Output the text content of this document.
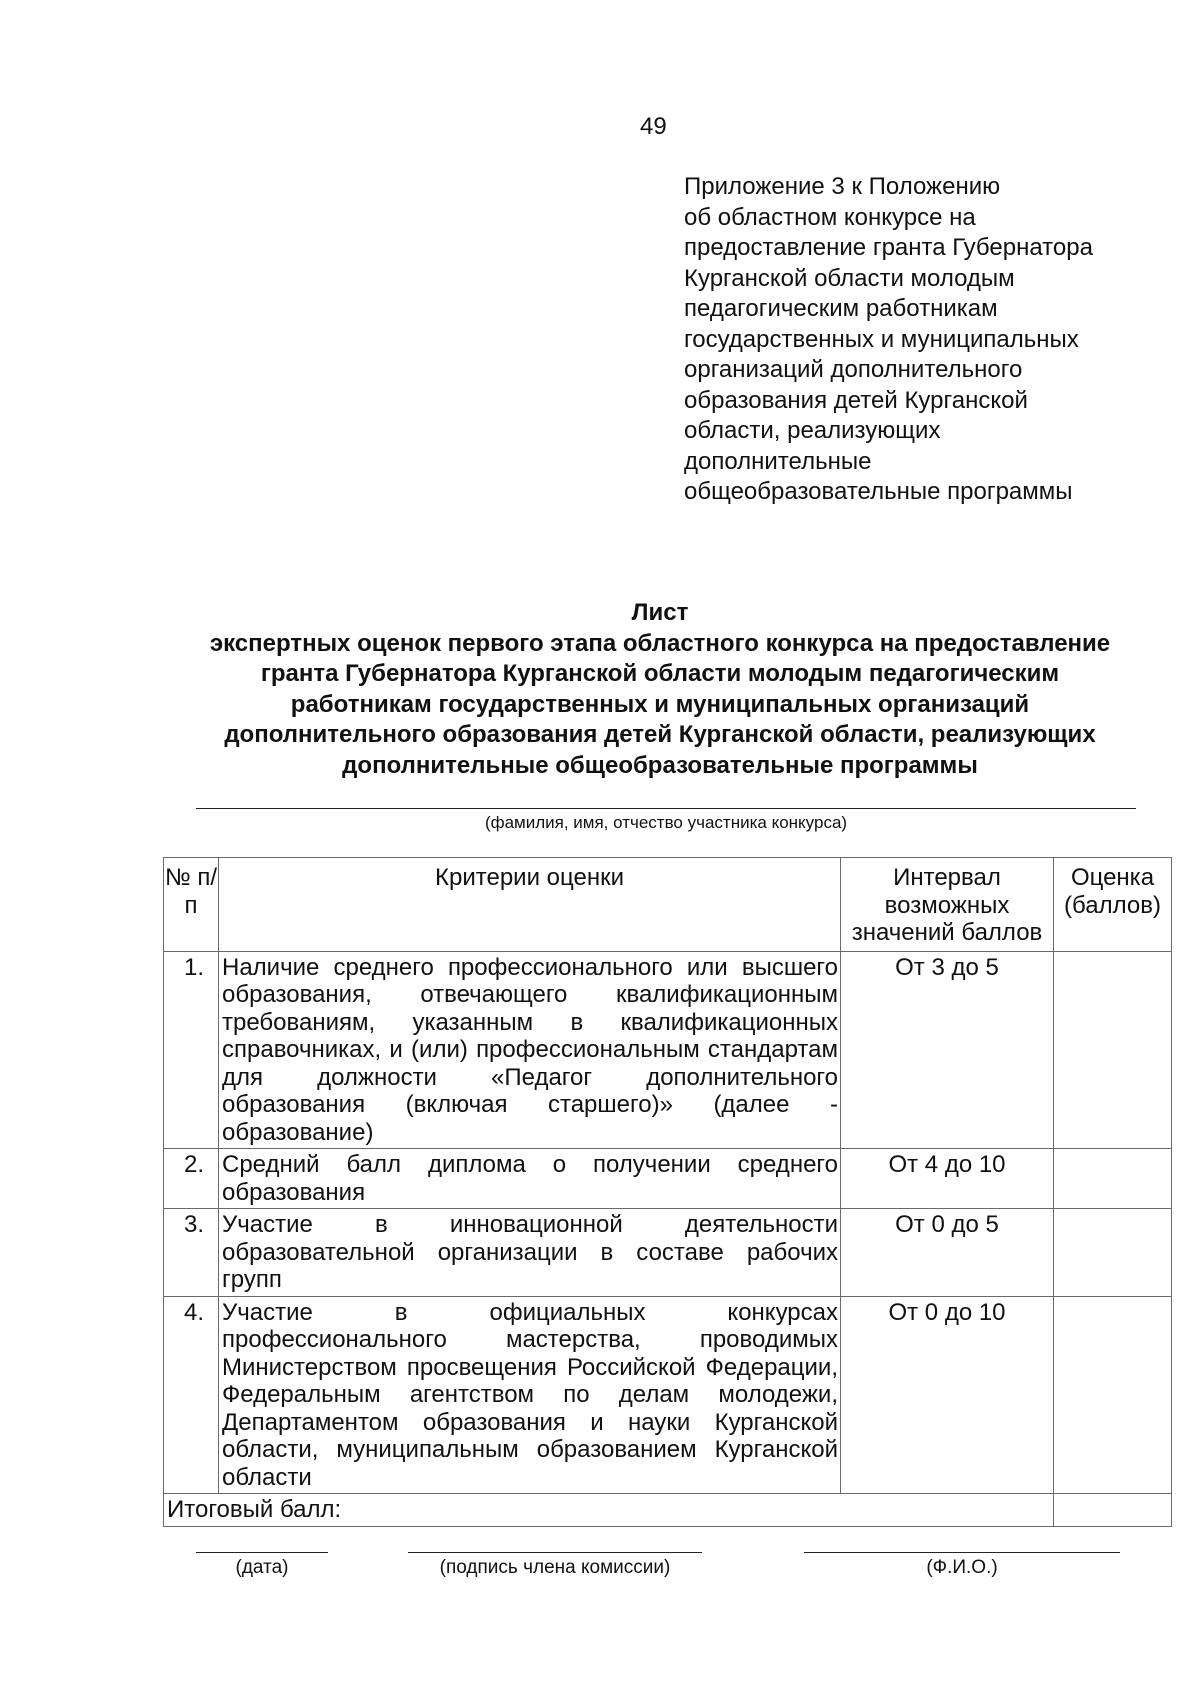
49
Приложение 3 к Положению
об областном конкурсе на
предоставление гранта Губернатора
Курганской области молодым
педагогическим работникам
государственных и муниципальных
организаций дополнительного
образования детей Курганской
области, реализующих
дополнительные
общеобразовательные программы
Лист
экспертных оценок первого этапа областного конкурса на предоставление
гранта Губернатора Курганской области молодым педагогическим
работникам государственных и муниципальных организаций
дополнительного образования детей Курганской области, реализующих
дополнительные общеобразовательные программы
(фамилия, имя, отчество участника конкурса)
№ п/п	Критерии оценки	Интервал возможных значений баллов	Оценка (баллов)
1.	Наличие среднего профессионального или высшего образования, отвечающего квалификационным требованиям, указанным в квалификационных справочниках, и (или) профессиональным стандартам для должности «Педагог дополнительного образования (включая старшего)» (далее - образование)	От 3 до 5	
2.	Средний балл диплома о получении среднего образования	От 4 до 10	
3.	Участие в инновационной деятельности образовательной организации в составе рабочих групп	От 0 до 5	
4.	Участие в официальных конкурсах профессионального мастерства, проводимых Министерством просвещения Российской Федерации, Федеральным агентством по делам молодежи, Департаментом образования и науки Курганской области, муниципальным образованием Курганской области	От 0 до 10	
Итоговый балл:			
(дата)	(подпись члена комиссии)	(Ф.И.О.)
